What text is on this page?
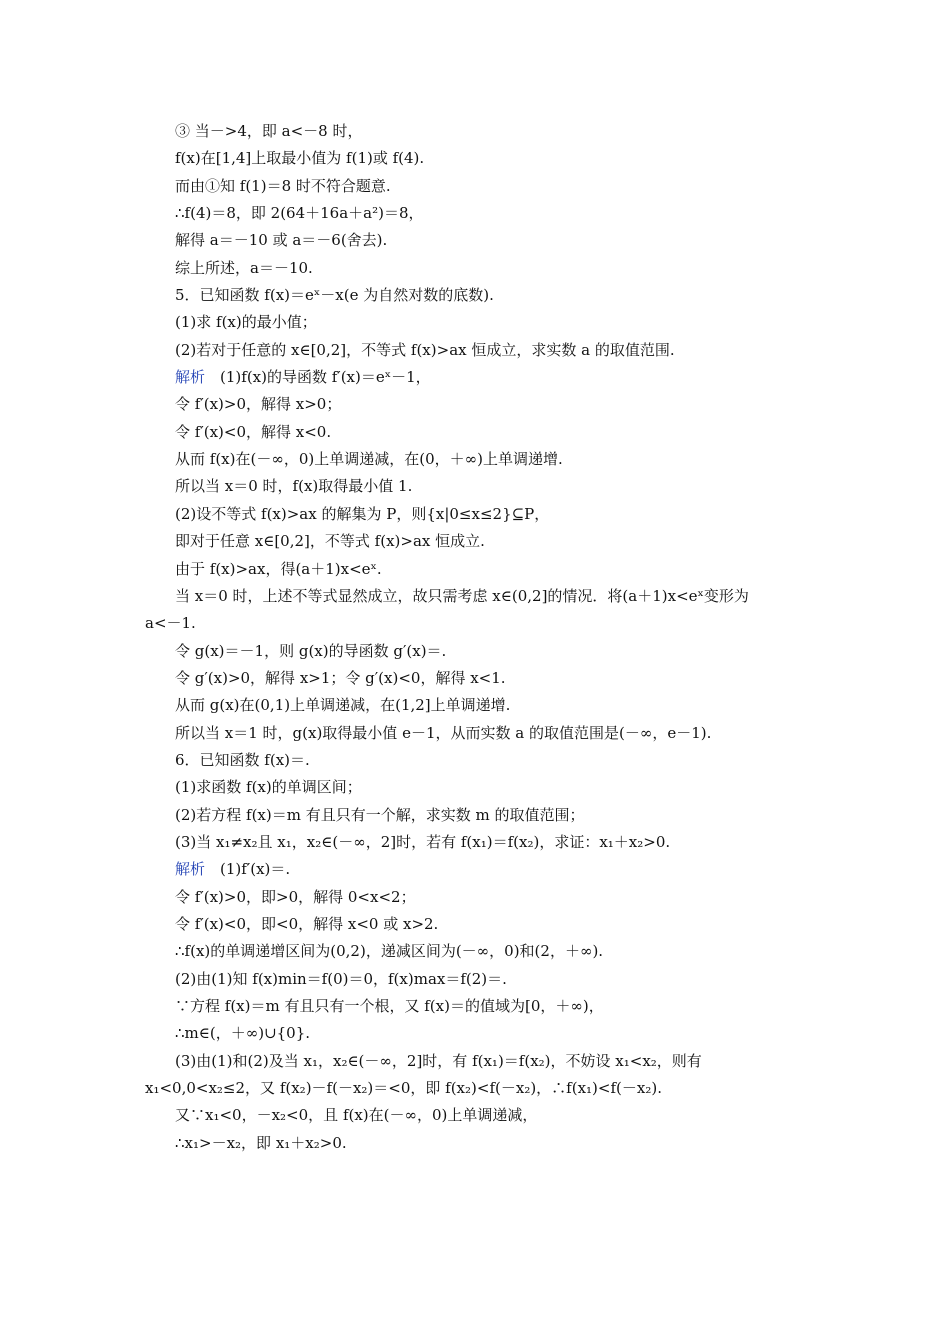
③ 当－>4，即 a<－8 时，
f(x)在[1,4]上取最小值为 f(1)或 f(4).
而由①知 f(1)＝8 时不符合题意.
∴f(4)＝8，即 2(64＋16a＋a²)＝8，
解得 a＝－10 或 a＝－6(舍去).
综上所述，a＝－10.
5．已知函数 f(x)＝eˣ－x(e 为自然对数的底数).
(1)求 f(x)的最小值；
(2)若对于任意的 x∈[0,2]，不等式 f(x)>ax 恒成立，求实数 a 的取值范围.
解析　(1)f(x)的导函数 f′(x)＝eˣ－1，
令 f′(x)>0，解得 x>0；
令 f′(x)<0，解得 x<0.
从而 f(x)在(－∞，0)上单调递减，在(0，＋∞)上单调递增.
所以当 x＝0 时，f(x)取得最小值 1.
(2)设不等式 f(x)>ax 的解集为 P，则{x|0≤x≤2}⊆P，
即对于任意 x∈[0,2]，不等式 f(x)>ax 恒成立.
由于 f(x)>ax，得(a＋1)x<eˣ.
当 x＝0 时，上述不等式显然成立，故只需考虑 x∈(0,2]的情况．将(a＋1)x<eˣ变形为
a<－1.
令 g(x)＝－1，则 g(x)的导函数 g′(x)＝.
令 g′(x)>0，解得 x>1；令 g′(x)<0，解得 x<1.
从而 g(x)在(0,1)上单调递减，在(1,2]上单调递增.
所以当 x＝1 时，g(x)取得最小值 e－1，从而实数 a 的取值范围是(－∞，e－1).
6．已知函数 f(x)＝.
(1)求函数 f(x)的单调区间；
(2)若方程 f(x)＝m 有且只有一个解，求实数 m 的取值范围；
(3)当 x₁≠x₂且 x₁，x₂∈(－∞，2]时，若有 f(x₁)＝f(x₂)，求证：x₁＋x₂>0.
解析　(1)f′(x)＝.
令 f′(x)>0，即>0，解得 0<x<2；
令 f′(x)<0，即<0，解得 x<0 或 x>2.
∴f(x)的单调递增区间为(0,2)，递减区间为(－∞，0)和(2，＋∞).
(2)由(1)知 f(x)min＝f(0)＝0，f(x)max＝f(2)＝.
∵方程 f(x)＝m 有且只有一个根，又 f(x)＝的值域为[0，＋∞)，
∴m∈(，＋∞)∪{0}.
(3)由(1)和(2)及当 x₁，x₂∈(－∞，2]时，有 f(x₁)＝f(x₂)，不妨设 x₁<x₂，则有
x₁<0,0<x₂≤2，又 f(x₂)－f(－x₂)＝<0，即 f(x₂)<f(－x₂)，∴f(x₁)<f(－x₂).
又∵x₁<0，－x₂<0，且 f(x)在(－∞，0)上单调递减，
∴x₁>－x₂，即 x₁＋x₂>0.
